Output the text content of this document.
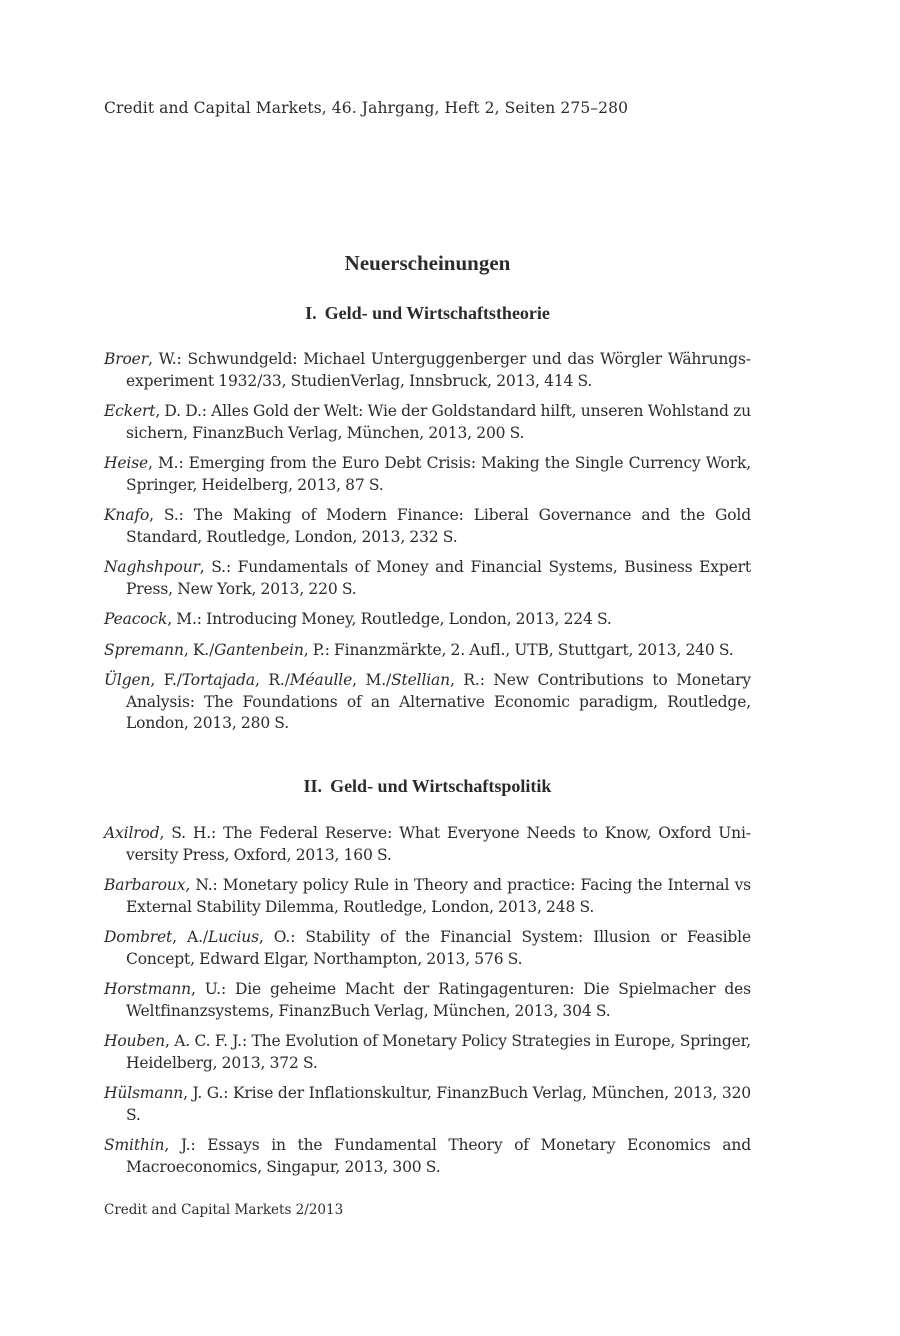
Credit and Capital Markets, 46. Jahrgang, Heft 2, Seiten 275–280
Neuerscheinungen
I. Geld- und Wirtschaftstheorie
Broer, W.: Schwundgeld: Michael Unterguggenberger und das Wörgler Währungsexperiment 1932/33, StudienVerlag, Innsbruck, 2013, 414 S.
Eckert, D. D.: Alles Gold der Welt: Wie der Goldstandard hilft, unseren Wohlstand zu sichern, FinanzBuch Verlag, München, 2013, 200 S.
Heise, M.: Emerging from the Euro Debt Crisis: Making the Single Currency Work, Springer, Heidelberg, 2013, 87 S.
Knafo, S.: The Making of Modern Finance: Liberal Governance and the Gold Standard, Routledge, London, 2013, 232 S.
Naghshpour, S.: Fundamentals of Money and Financial Systems, Business Expert Press, New York, 2013, 220 S.
Peacock, M.: Introducing Money, Routledge, London, 2013, 224 S.
Spremann, K./Gantenbein, P.: Finanzmärkte, 2. Aufl., UTB, Stuttgart, 2013, 240 S.
Ülgen, F./Tortajada, R./Méaulle, M./Stellian, R.: New Contributions to Monetary Analysis: The Foundations of an Alternative Economic paradigm, Routledge, London, 2013, 280 S.
II. Geld- und Wirtschaftspolitik
Axilrod, S. H.: The Federal Reserve: What Everyone Needs to Know, Oxford University Press, Oxford, 2013, 160 S.
Barbaroux, N.: Monetary policy Rule in Theory and practice: Facing the Internal vs External Stability Dilemma, Routledge, London, 2013, 248 S.
Dombret, A./Lucius, O.: Stability of the Financial System: Illusion or Feasible Concept, Edward Elgar, Northampton, 2013, 576 S.
Horstmann, U.: Die geheime Macht der Ratingagenturen: Die Spielmacher des Weltfinanzsystems, FinanzBuch Verlag, München, 2013, 304 S.
Houben, A. C. F. J.: The Evolution of Monetary Policy Strategies in Europe, Springer, Heidelberg, 2013, 372 S.
Hülsmann, J. G.: Krise der Inflationskultur, FinanzBuch Verlag, München, 2013, 320 S.
Smithin, J.: Essays in the Fundamental Theory of Monetary Economics and Macroeconomics, Singapur, 2013, 300 S.
Credit and Capital Markets 2/2013
